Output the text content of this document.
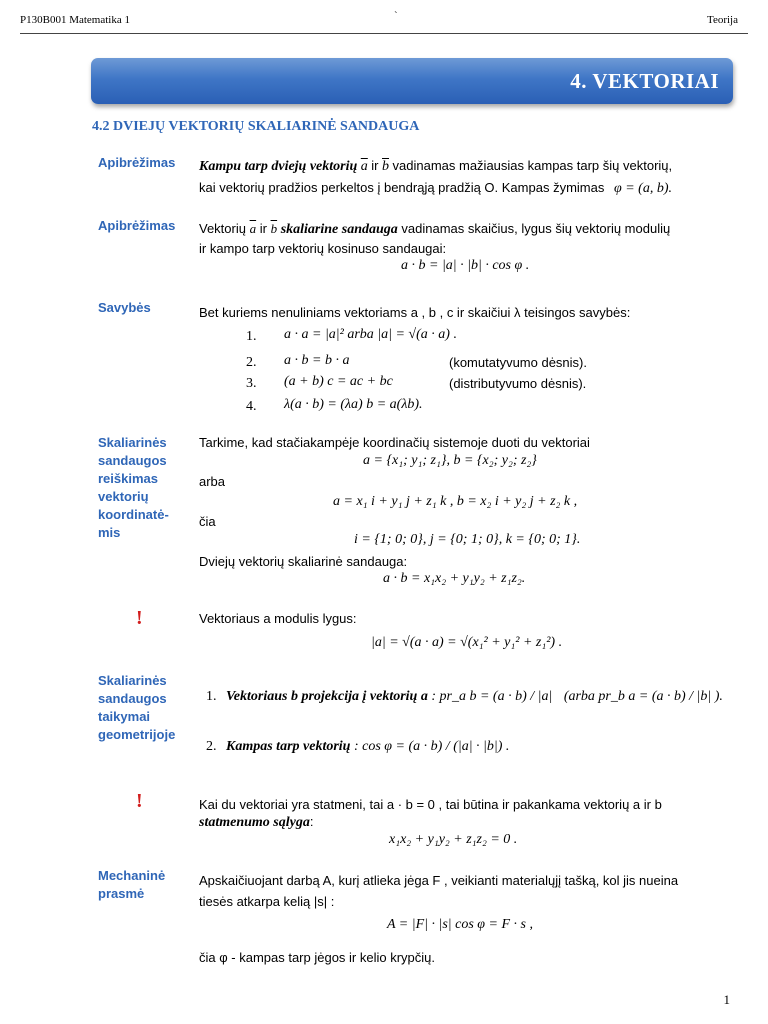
P130B001 Matematika 1	`	Teorija
4. VEKTORIAI
4.2 DVIEJŲ VEKTORIŲ SKALIARINĖ SANDAUGA
Apibrėžimas Kampu tarp dviejų vektorių $\overline{a}$ ir $\overline{b}$ vadinamas mažiausias kampas tarp šių vektorių,
kai vektorių pradžios perkeltos į bendrąją pradžią O. Kampas žymimas φ = (a, b).
Apibrėžimas Vektorių $\overline{a}$ ir $\overline{b}$ skaliarine sandauga vadinamas skaičius, lygus šių vektorių modulių
ir kampo tarp vektorių kosinuso sandaugai:
a · b = |a| · |b| · cos φ .
Savybės	Bet kuriems nenuliniams vektoriams a , b , c ir skaičiui λ teisingos savybės:
1. a · a = |a|² arba |a| = √(a · a) .
2. a · b = b · a	(komutatyvumo dėsnis).
3. (a + b) c = ac + bc	(distributyvumo dėsnis).
4. λ(a · b) = (λa) b = a(λb).
Skaliarinės
sandaugos
reiškimas
vektorių
koordinatė-
mis
Tarkime, kad stačiakampėje koordinačių sistemoje duoti du vektoriai
a = {x₁; y₁; z₁}, b = {x₂; y₂; z₂}
arba
a = x₁ i + y₁ j + z₁ k , b = x₂ i + y₂ j + z₂ k ,
čia
i = {1; 0; 0}, j = {0; 1; 0}, k = {0; 0; 1}.
Dviejų vektorių skaliarinė sandauga:
a · b = x₁x₂ + y₁y₂ + z₁z₂.
!	Vektoriaus a modulis lygus:
|a| = √(a · a) = √(x₁² + y₁² + z₁²) .
Skaliarinės
sandaugos
taikymai
geometrijoje
1. Vektoriaus b projekcija į vektorių a : pr_a b = (a · b) / |a| (arba pr_b a = (a · b) / |b| ).
2. Kampas tarp vektorių : cos φ = (a · b) / (|a| · |b|) .
!	Kai du vektoriai yra statmeni, tai a · b = 0 , tai būtina ir pakankama vektorių a ir b
statmenumo sąlyga:
x₁x₂ + y₁y₂ + z₁z₂ = 0 .
Mechaninė
prasmė
Apskaičiuojant darbą A, kurį atlieka jėga F , veikianti materialųjį tašką, kol jis nueina
tiesės atkarpa kelią |s| :
A = |F| · |s| cos φ = F · s ,
čia φ - kampas tarp jėgos ir kelio krypčių.
1
